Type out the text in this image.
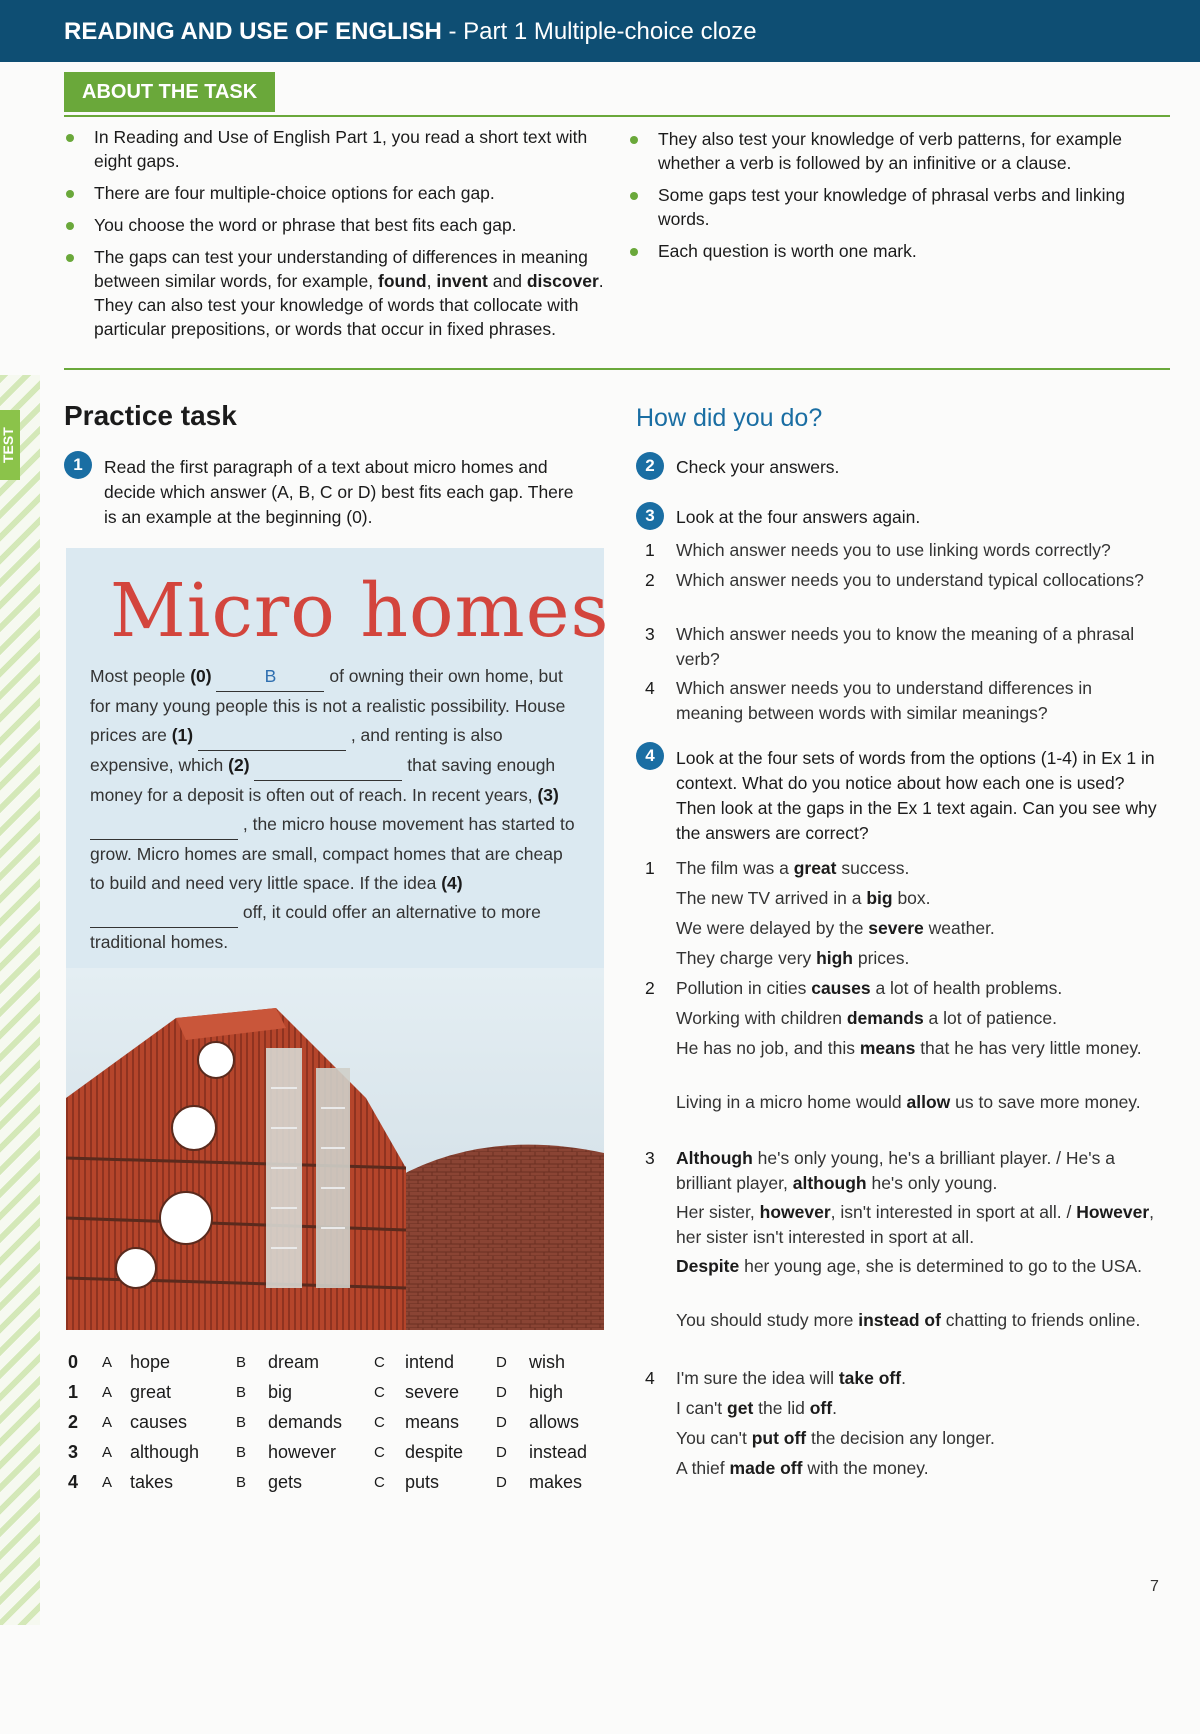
READING AND USE OF ENGLISH - Part 1 Multiple-choice cloze
TEST
ABOUT THE TASK
In Reading and Use of English Part 1, you read a short text with eight gaps.
There are four multiple-choice options for each gap.
You choose the word or phrase that best fits each gap.
The gaps can test your understanding of differences in meaning between similar words, for example, found, invent and discover. They can also test your knowledge of words that collocate with particular prepositions, or words that occur in fixed phrases.
They also test your knowledge of verb patterns, for example whether a verb is followed by an infinitive or a clause.
Some gaps test your knowledge of phrasal verbs and linking words.
Each question is worth one mark.
Practice task
1	Read the first paragraph of a text about micro homes and decide which answer (A, B, C or D) best fits each gap. There is an example at the beginning (0).
Micro homes
Most people (0)	B	of owning their own home, but for many young people this is not a realistic possibility. House prices are (1)	, and renting is also expensive, which (2)	that saving enough money for a deposit is often out of reach. In recent years, (3)   , the micro house movement has started to grow. Micro homes are small, compact homes that are cheap to build and need very little space. If the idea (4)   off, it could offer an alternative to more traditional homes.
0 A hope	B dream	C intend	D wish
1 A great	B big	C severe D high
2 A causes	B demands C means D allows
3 A although B however	C despite D instead
4 A takes	B gets	C puts	D makes
How did you do?
2	Check your answers.
3	Look at the four answers again.
1 Which answer needs you to use linking words correctly?
2 Which answer needs you to understand typical collocations?
3 Which answer needs you to know the meaning of a phrasal verb?
4 Which answer needs you to understand differences in meaning between words with similar meanings?
4	Look at the four sets of words from the options (1-4) in Ex 1 in context. What do you notice about how each one is used? Then look at the gaps in the Ex 1 text again. Can you see why the answers are correct?
1 The film was a great success.
The new TV arrived in a big box.
We were delayed by the severe weather.
They charge very high prices.
2 Pollution in cities causes a lot of health problems.
Working with children demands a lot of patience.
He has no job, and this means that he has very little money.
Living in a micro home would allow us to save more money.
3 Although he's only young, he's a brilliant player. / He's a brilliant player, although he's only young.
Her sister, however, isn't interested in sport at all. / However, her sister isn't interested in sport at all.
Despite her young age, she is determined to go to the USA.
You should study more instead of chatting to friends online.
4 I'm sure the idea will take off.
I can't get the lid off.
You can't put off the decision any longer.
A thief made off with the money.
7
